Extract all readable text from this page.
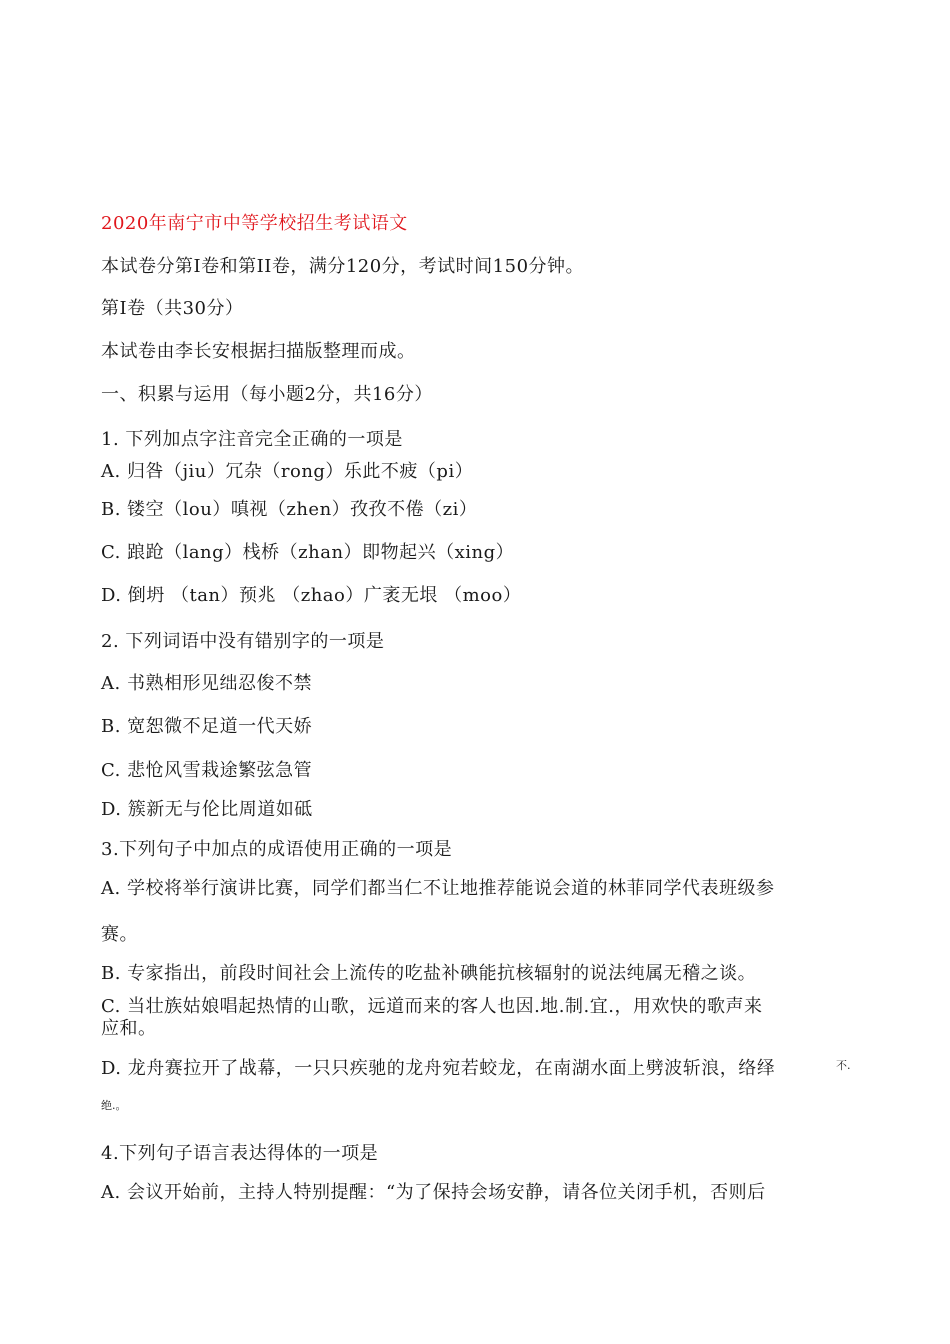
2020年南宁市中等学校招生考试语文
本试卷分第I卷和第II卷，满分120分，考试时间150分钟。
第I卷（共30分）
本试卷由李长安根据扫描版整理而成。
一、积累与运用（每小题2分，共16分）
1. 下列加点字注音完全正确的一项是
A. 归咎（jiu）冗杂（rong）乐此不疲（pi）
B. 镂空（lou）嗔视（zhen）孜孜不倦（zi）
C. 踉跄（lang）栈桥（zhan）即物起兴（xing）
D. 倒坍 （tan）预兆 （zhao）广袤无垠 （moo）
2. 下列词语中没有错别字的一项是
A. 书熟相形见绌忍俊不禁
B. 宽恕微不足道一代天娇
C. 悲怆风雪栽途繁弦急管
D. 簇新无与伦比周道如砥
3.下列句子中加点的成语使用正确的一项是
A. 学校将举行演讲比赛，同学们都当仁不让地推荐能说会道的林菲同学代表班级参
赛。
B. 专家指出，前段时间社会上流传的吃盐补碘能抗核辐射的说法纯属无稽之谈。
C. 当壮族姑娘唱起热情的山歌，远道而来的客人也因.地.制.宜.，用欢快的歌声来
应和。
D. 龙舟赛拉开了战幕，一只只疾驰的龙舟宛若蛟龙，在南湖水面上劈波斩浪，络绎	不.
绝.。
4.下列句子语言表达得体的一项是
A. 会议开始前，主持人特别提醒：“为了保持会场安静，请各位关闭手机，否则后
